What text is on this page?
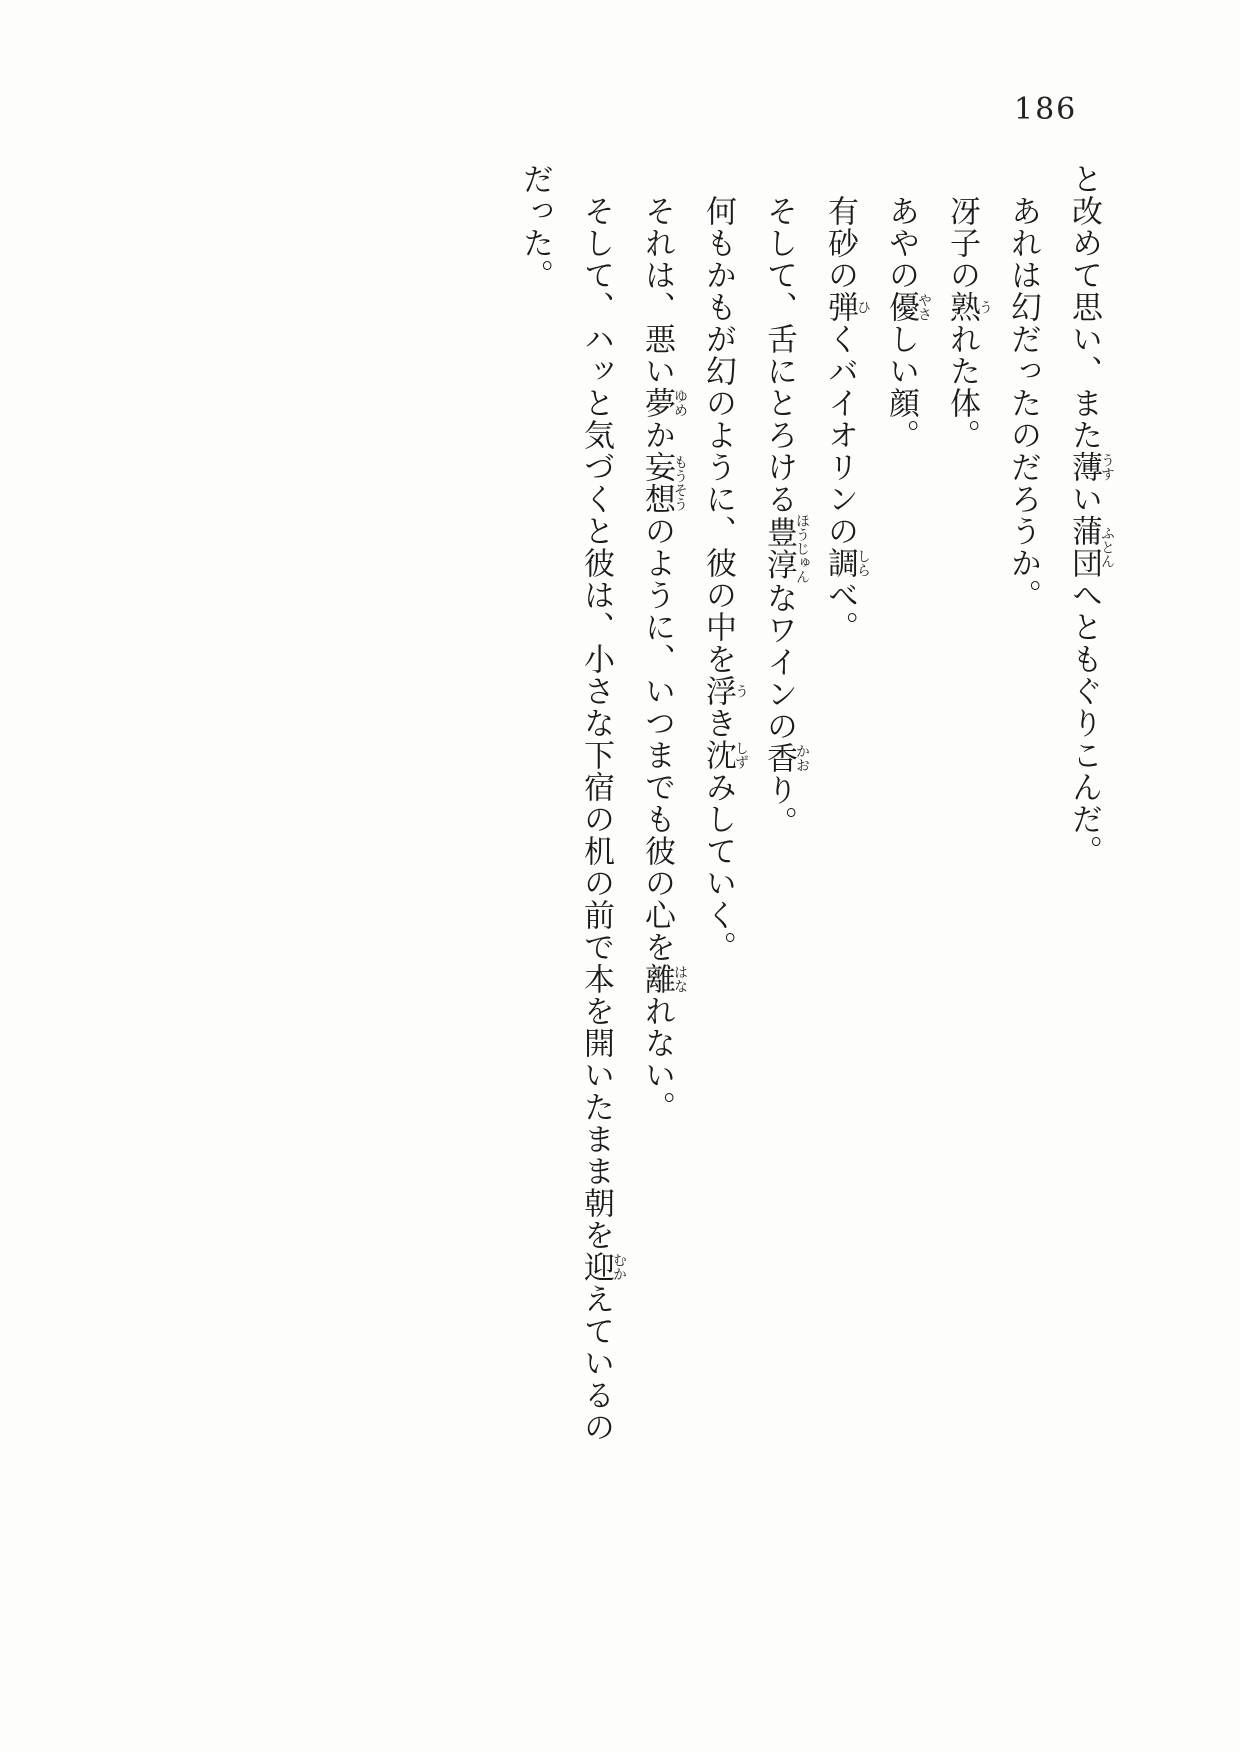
186

と改めて思い、また薄うすい蒲団ふとんへともぐりこんだ。

あれは幻だったのだろうか。

冴子の熟うれた体。

あやの優やさしい顔。

有砂の弾ひくバイオリンの調しらべ。

そして、舌にとろける豊淳ほうじゅんなワインの香かおり。

何もかもが幻のように、彼の中を浮うき沈しずみしていく。

それは、悪い夢ゆめか妄想もうそうのように、いつまでも彼の心を離はなれない。

そして、ハッと気づくと彼は、小さな下宿の机の前で本を開いたまま朝を迎むかえているの

だった。
